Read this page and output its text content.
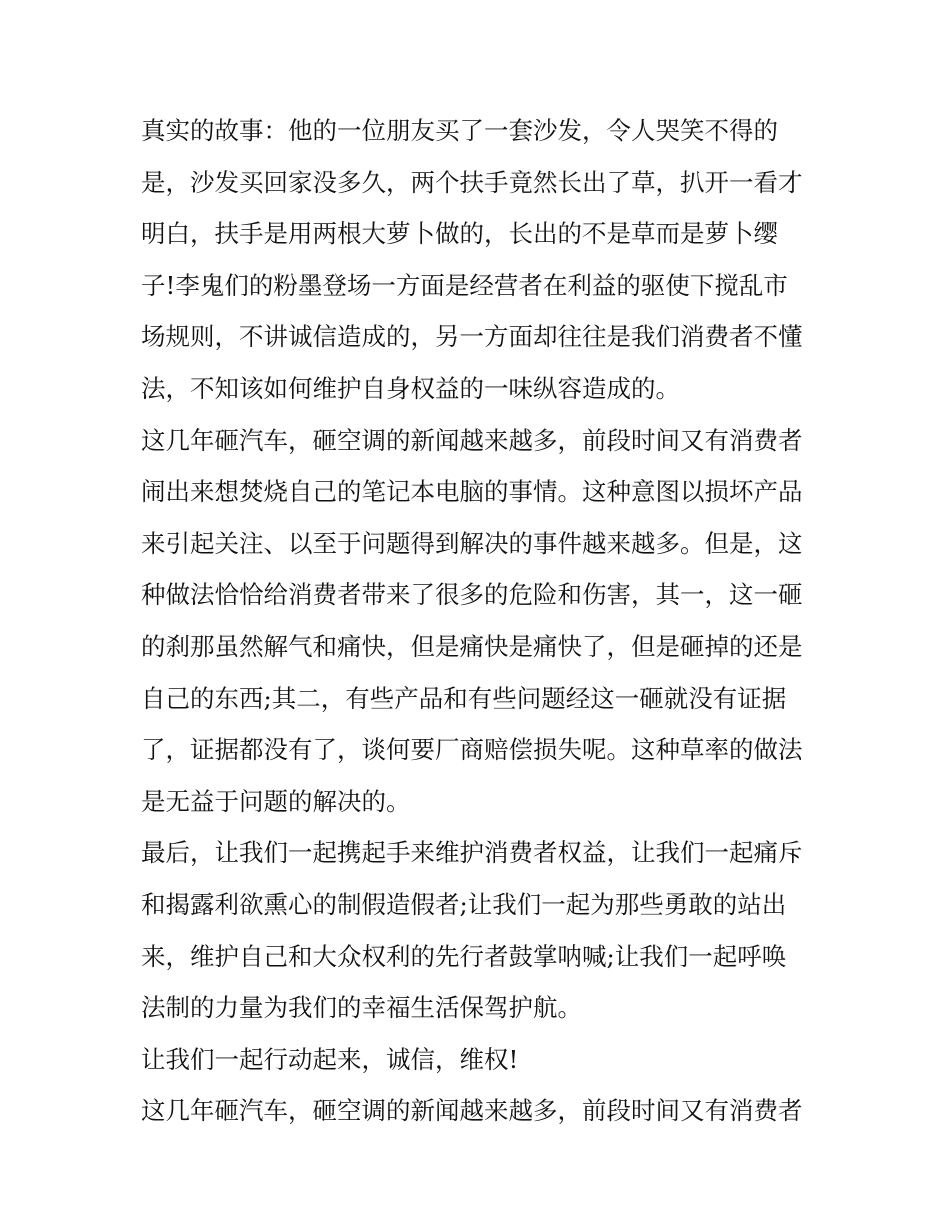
真实的故事：他的一位朋友买了一套沙发，令人哭笑不得的
是，沙发买回家没多久，两个扶手竟然长出了草，扒开一看才
明白，扶手是用两根大萝卜做的，长出的不是草而是萝卜缨
子!李鬼们的粉墨登场一方面是经营者在利益的驱使下搅乱市
场规则，不讲诚信造成的，另一方面却往往是我们消费者不懂
法，不知该如何维护自身权益的一味纵容造成的。
这几年砸汽车，砸空调的新闻越来越多，前段时间又有消费者
闹出来想焚烧自己的笔记本电脑的事情。这种意图以损坏产品
来引起关注、以至于问题得到解决的事件越来越多。但是，这
种做法恰恰给消费者带来了很多的危险和伤害，其一，这一砸
的刹那虽然解气和痛快，但是痛快是痛快了，但是砸掉的还是
自己的东西;其二，有些产品和有些问题经这一砸就没有证据
了，证据都没有了，谈何要厂商赔偿损失呢。这种草率的做法
是无益于问题的解决的。
最后，让我们一起携起手来维护消费者权益，让我们一起痛斥
和揭露利欲熏心的制假造假者;让我们一起为那些勇敢的站出
来，维护自己和大众权利的先行者鼓掌呐喊;让我们一起呼唤
法制的力量为我们的幸福生活保驾护航。
让我们一起行动起来，诚信，维权!
这几年砸汽车，砸空调的新闻越来越多，前段时间又有消费者
